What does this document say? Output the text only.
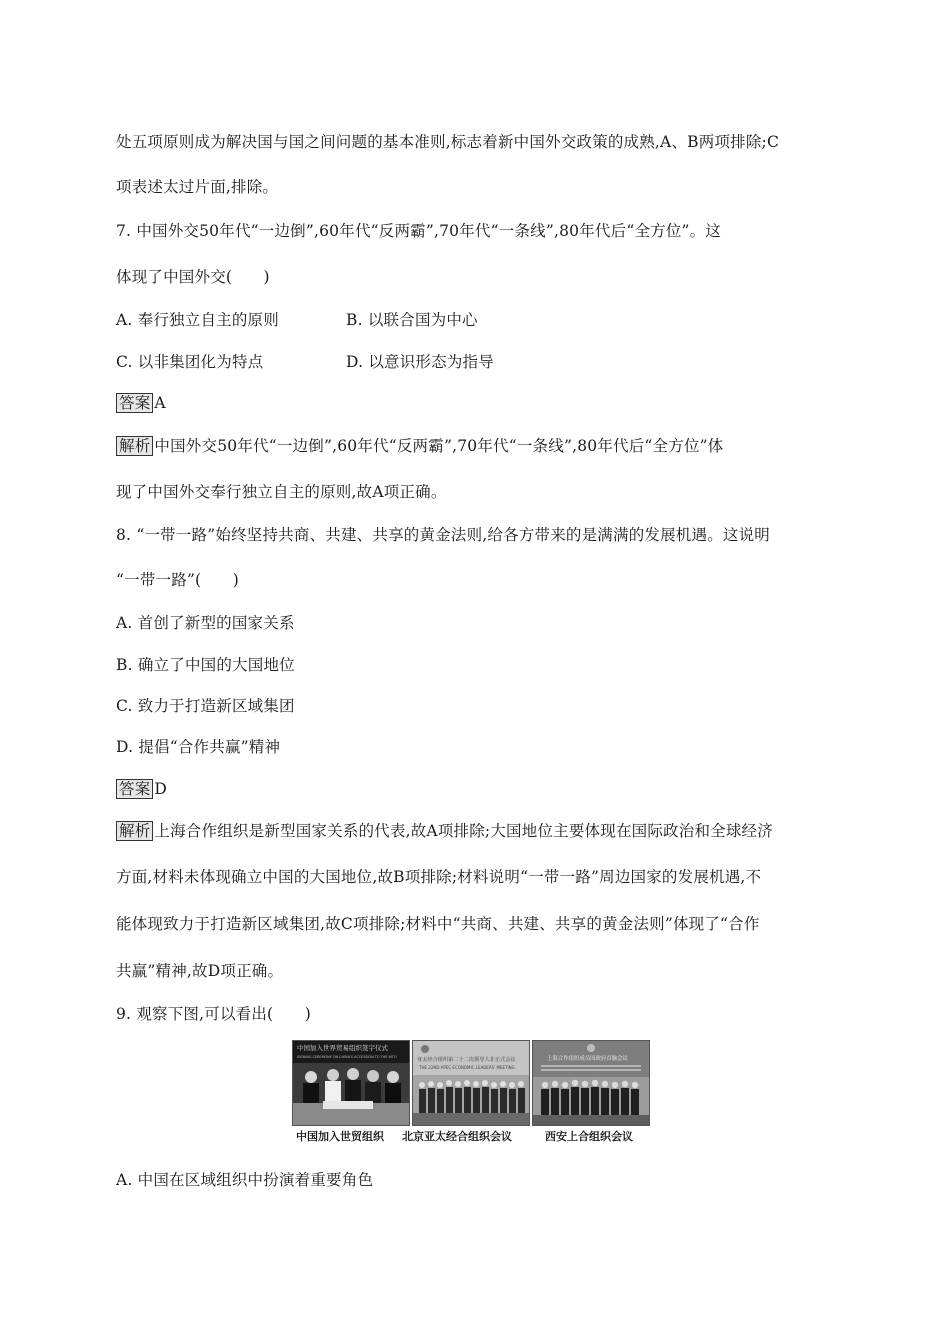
处五项原则成为解决国与国之间问题的基本准则,标志着新中国外交政策的成熟,A、B两项排除;C
项表述太过片面,排除。
7. 中国外交50年代“一边倒”,60年代“反两霸”,70年代“一条线”,80年代后“全方位”。这
体现了中国外交(　　)
A. 奉行独立自主的原则	B. 以联合国为中心
C. 以非集团化为特点	D. 以意识形态为指导
答案 A
解析 中国外交50年代“一边倒”,60年代“反两霸”,70年代“一条线”,80年代后“全方位”体
现了中国外交奉行独立自主的原则,故A项正确。
8. “一带一路”始终坚持共商、共建、共享的黄金法则,给各方带来的是满满的发展机遇。这说明
“一带一路”(　　)
A. 首创了新型的国家关系
B. 确立了中国的大国地位
C. 致力于打造新区域集团
D. 提倡“合作共赢”精神
答案 D
解析 上海合作组织是新型国家关系的代表,故A项排除;大国地位主要体现在国际政治和全球经济
方面,材料未体现确立中国的大国地位,故B项排除;材料说明“一带一路”周边国家的发展机遇,不
能体现致力于打造新区域集团,故C项排除;材料中“共商、共建、共享的黄金法则”体现了“合作
共赢”精神,故D项正确。
9. 观察下图,可以看出(　　)
中国加入世界贸易组织签字仪式
SIGNING CEREMONY ON CHINA'S ACCESSION TO THE WTO	亚太经合组织第二十二次领导人非正式会议
THE 22ND APEC ECONOMIC LEADERS' MEETING
上海合作组织成员国政府首脑会议
中国加入世贸组织 北京亚太经合组织会议	西安上合组织会议
A. 中国在区域组织中扮演着重要角色
